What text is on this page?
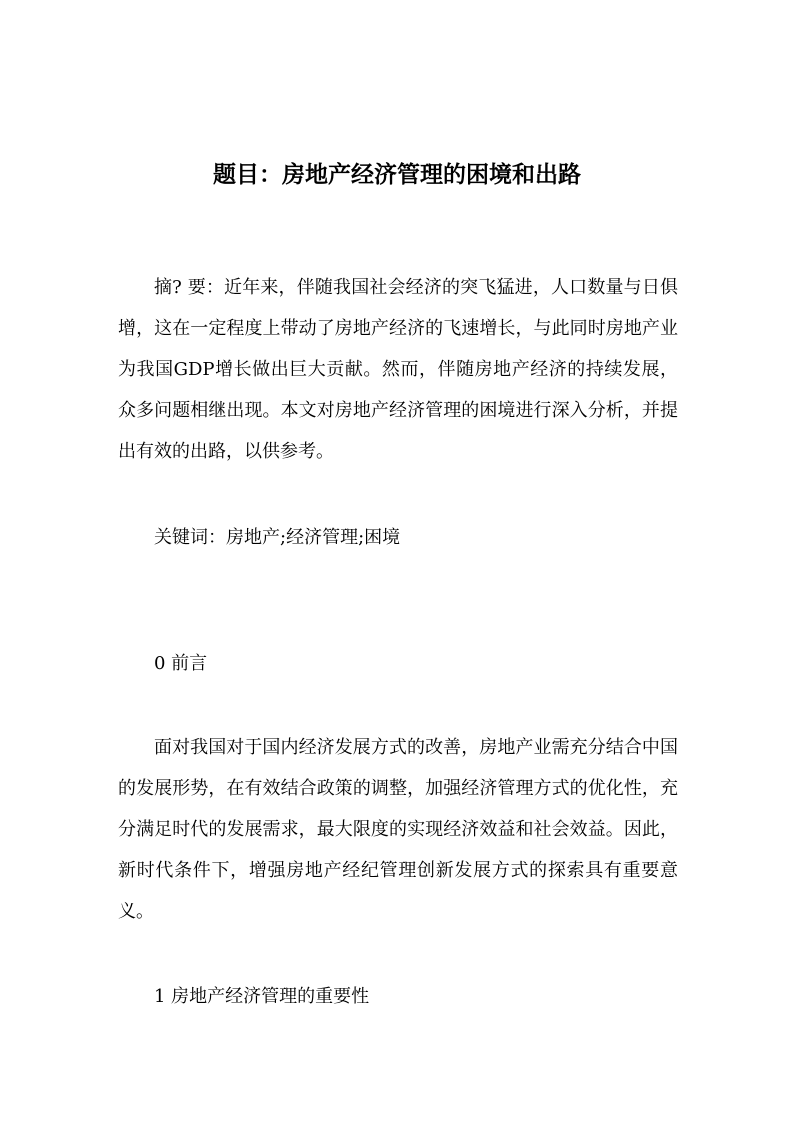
题目：房地产经济管理的困境和出路

摘? 要：近年来，伴随我国社会经济的突飞猛进，人口数量与日俱增，这在一定程度上带动了房地产经济的飞速增长，与此同时房地产业为我国GDP增长做出巨大贡献。然而，伴随房地产经济的持续发展，众多问题相继出现。本文对房地产经济管理的困境进行深入分析，并提出有效的出路，以供参考。

关键词：房地产;经济管理;困境

0 前言

面对我国对于国内经济发展方式的改善，房地产业需充分结合中国的发展形势，在有效结合政策的调整，加强经济管理方式的优化性，充分满足时代的发展需求，最大限度的实现经济效益和社会效益。因此，新时代条件下，增强房地产经纪管理创新发展方式的探索具有重要意义。

1 房地产经济管理的重要性
